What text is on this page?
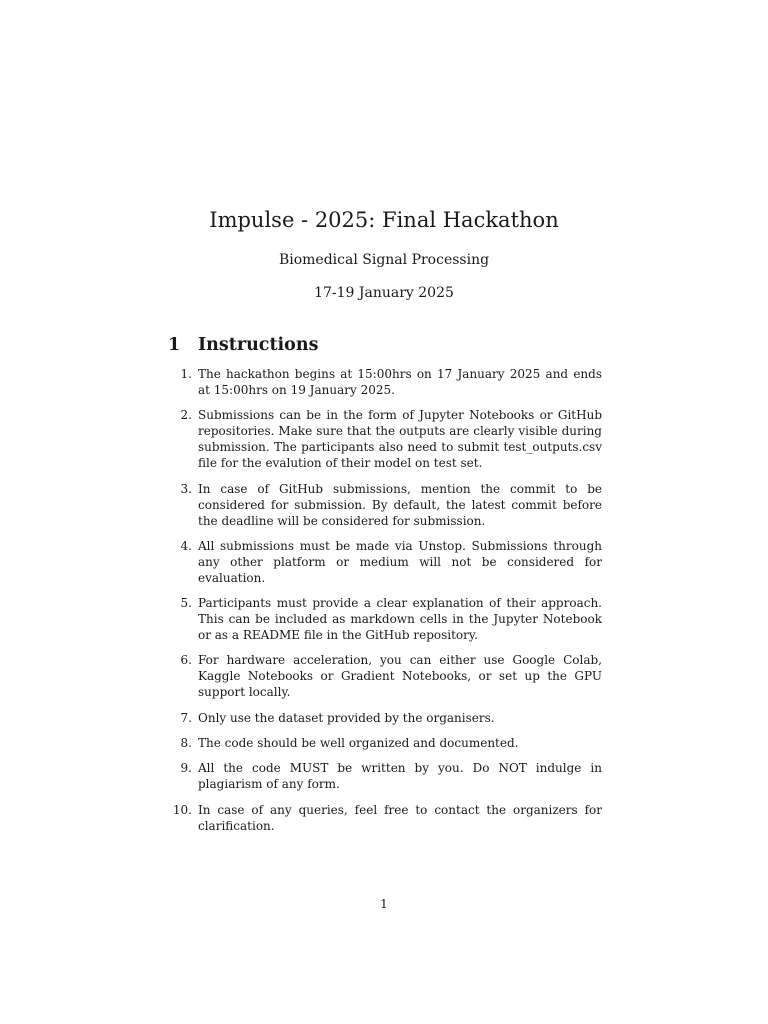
Impulse - 2025: Final Hackathon
Biomedical Signal Processing
17-19 January 2025
1 Instructions
1. The hackathon begins at 15:00hrs on 17 January 2025 and ends at 15:00hrs on 19 January 2025.
2. Submissions can be in the form of Jupyter Notebooks or GitHub repositories. Make sure that the outputs are clearly visible during submission. The participants also need to submit test_outputs.csv file for the evalution of their model on test set.
3. In case of GitHub submissions, mention the commit to be considered for submission. By default, the latest commit before the deadline will be considered for submission.
4. All submissions must be made via Unstop. Submissions through any other platform or medium will not be considered for evaluation.
5. Participants must provide a clear explanation of their approach. This can be included as markdown cells in the Jupyter Notebook or as a README file in the GitHub repository.
6. For hardware acceleration, you can either use Google Colab, Kaggle Notebooks or Gradient Notebooks, or set up the GPU support locally.
7. Only use the dataset provided by the organisers.
8. The code should be well organized and documented.
9. All the code MUST be written by you. Do NOT indulge in plagiarism of any form.
10. In case of any queries, feel free to contact the organizers for clarification.
1
